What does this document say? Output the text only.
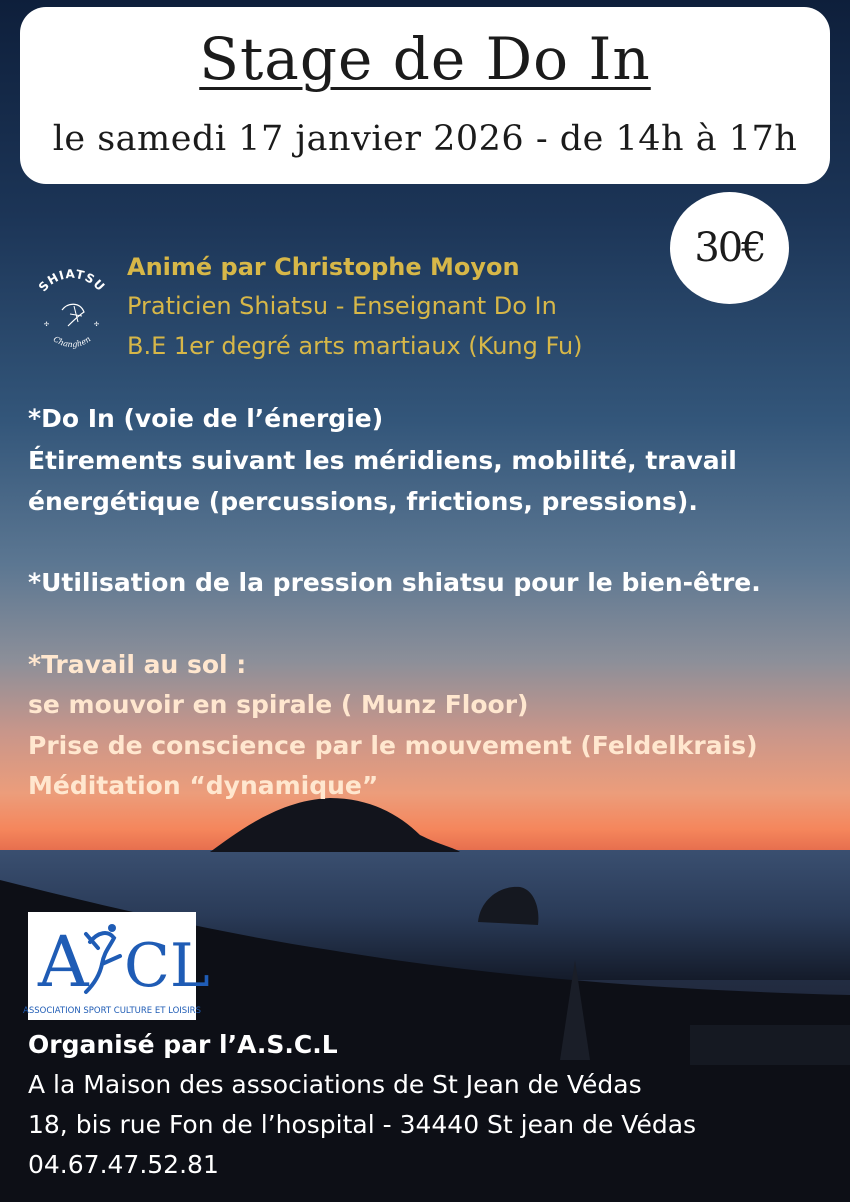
Stage de Do In
le samedi 17 janvier 2026 - de 14h à 17h
30€
SHIATSU
✣	✣
Changhen
Animé par Christophe Moyon
Praticien Shiatsu - Enseignant Do In
B.E 1er degré arts martiaux (Kung Fu)
*Do In (voie de l’énergie)
Étirements suivant les méridiens, mobilité, travail
énergétique (percussions, frictions, pressions).
*Utilisation de la pression shiatsu pour le bien-être.
*Travail au sol :
se mouvoir en spirale ( Munz Floor)
Prise de conscience par le mouvement (Feldelkrais)
Méditation “dynamique”
A CL
ASSOCIATION SPORT CULTURE ET LOISIRS
Organisé par l’A.S.C.L
A la Maison des associations de St Jean de Védas
18, bis rue Fon de l’hospital - 34440 St jean de Védas
04.67.47.52.81
